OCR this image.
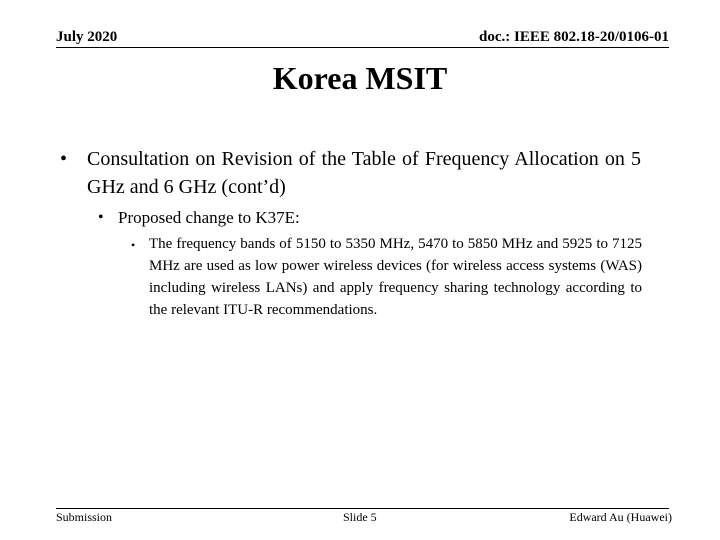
July 2020	doc.: IEEE 802.18-20/0106-01
Korea MSIT
• Consultation on Revision of the Table of Frequency Allocation on 5 GHz and 6 GHz (cont’d)
• Proposed change to K37E:
• The frequency bands of 5150 to 5350 MHz, 5470 to 5850 MHz and 5925 to 7125 MHz are used as low power wireless devices (for wireless access systems (WAS) including wireless LANs) and apply frequency sharing technology according to the relevant ITU-R recommendations.
Submission	Slide 5	Edward Au (Huawei)
